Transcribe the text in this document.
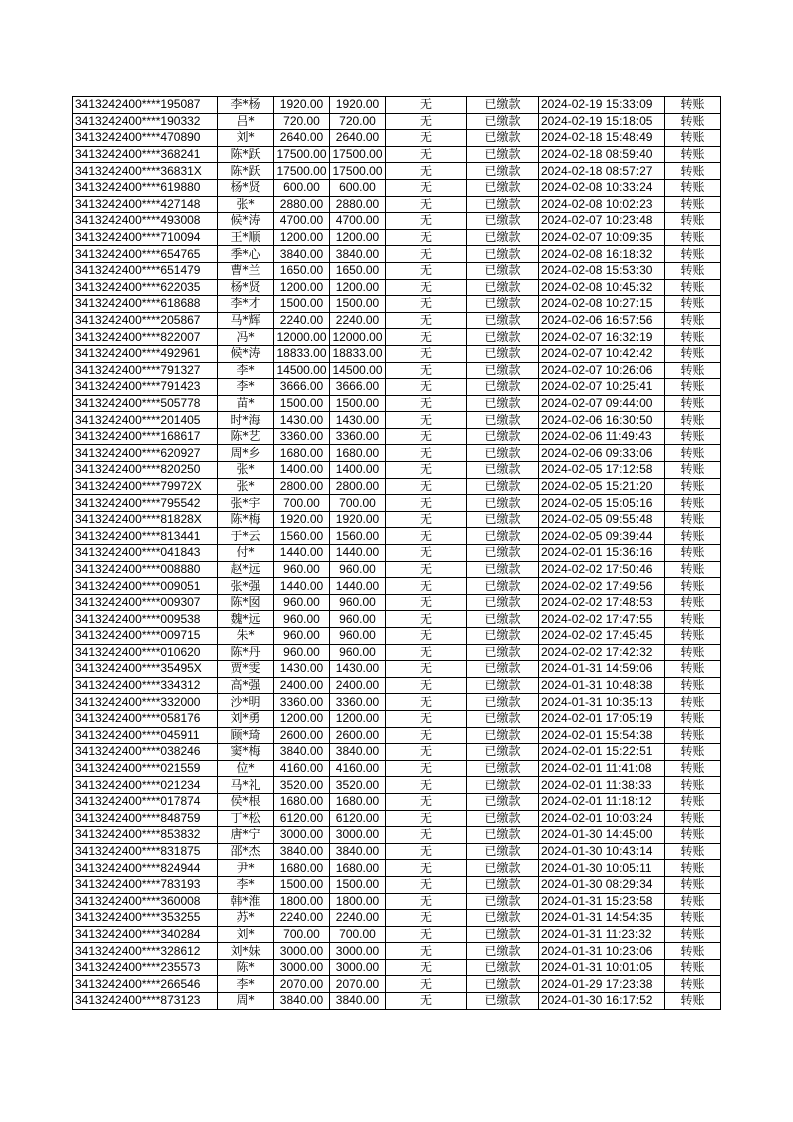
3413242400****195087	李*杨	1920.00	1920.00	无	已缴款	2024-02-19 15:33:09	转账
3413242400****190332	吕*	720.00	720.00	无	已缴款	2024-02-19 15:18:05	转账
3413242400****470890	刘*	2640.00	2640.00	无	已缴款	2024-02-18 15:48:49	转账
3413242400****368241	陈*跃	17500.00	17500.00	无	已缴款	2024-02-18 08:59:40	转账
3413242400****36831X	陈*跃	17500.00	17500.00	无	已缴款	2024-02-18 08:57:27	转账
3413242400****619880	杨*贤	600.00	600.00	无	已缴款	2024-02-08 10:33:24	转账
3413242400****427148	张*	2880.00	2880.00	无	已缴款	2024-02-08 10:02:23	转账
3413242400****493008	候*涛	4700.00	4700.00	无	已缴款	2024-02-07 10:23:48	转账
3413242400****710094	王*顺	1200.00	1200.00	无	已缴款	2024-02-07 10:09:35	转账
3413242400****654765	季*心	3840.00	3840.00	无	已缴款	2024-02-08 16:18:32	转账
3413242400****651479	曹*兰	1650.00	1650.00	无	已缴款	2024-02-08 15:53:30	转账
3413242400****622035	杨*贤	1200.00	1200.00	无	已缴款	2024-02-08 10:45:32	转账
3413242400****618688	李*才	1500.00	1500.00	无	已缴款	2024-02-08 10:27:15	转账
3413242400****205867	马*辉	2240.00	2240.00	无	已缴款	2024-02-06 16:57:56	转账
3413242400****822007	冯*	12000.00	12000.00	无	已缴款	2024-02-07 16:32:19	转账
3413242400****492961	候*涛	18833.00	18833.00	无	已缴款	2024-02-07 10:42:42	转账
3413242400****791327	李*	14500.00	14500.00	无	已缴款	2024-02-07 10:26:06	转账
3413242400****791423	李*	3666.00	3666.00	无	已缴款	2024-02-07 10:25:41	转账
3413242400****505778	苗*	1500.00	1500.00	无	已缴款	2024-02-07 09:44:00	转账
3413242400****201405	时*海	1430.00	1430.00	无	已缴款	2024-02-06 16:30:50	转账
3413242400****168617	陈*艺	3360.00	3360.00	无	已缴款	2024-02-06 11:49:43	转账
3413242400****620927	周*乡	1680.00	1680.00	无	已缴款	2024-02-06 09:33:06	转账
3413242400****820250	张*	1400.00	1400.00	无	已缴款	2024-02-05 17:12:58	转账
3413242400****79972X	张*	2800.00	2800.00	无	已缴款	2024-02-05 15:21:20	转账
3413242400****795542	张*宇	700.00	700.00	无	已缴款	2024-02-05 15:05:16	转账
3413242400****81828X	陈*梅	1920.00	1920.00	无	已缴款	2024-02-05 09:55:48	转账
3413242400****813441	于*云	1560.00	1560.00	无	已缴款	2024-02-05 09:39:44	转账
3413242400****041843	付*	1440.00	1440.00	无	已缴款	2024-02-01 15:36:16	转账
3413242400****008880	赵*远	960.00	960.00	无	已缴款	2024-02-02 17:50:46	转账
3413242400****009051	张*强	1440.00	1440.00	无	已缴款	2024-02-02 17:49:56	转账
3413242400****009307	陈*囡	960.00	960.00	无	已缴款	2024-02-02 17:48:53	转账
3413242400****009538	魏*远	960.00	960.00	无	已缴款	2024-02-02 17:47:55	转账
3413242400****009715	朱*	960.00	960.00	无	已缴款	2024-02-02 17:45:45	转账
3413242400****010620	陈*丹	960.00	960.00	无	已缴款	2024-02-02 17:42:32	转账
3413242400****35495X	贾*雯	1430.00	1430.00	无	已缴款	2024-01-31 14:59:06	转账
3413242400****334312	高*强	2400.00	2400.00	无	已缴款	2024-01-31 10:48:38	转账
3413242400****332000	沙*明	3360.00	3360.00	无	已缴款	2024-01-31 10:35:13	转账
3413242400****058176	刘*勇	1200.00	1200.00	无	已缴款	2024-02-01 17:05:19	转账
3413242400****045911	顾*琦	2600.00	2600.00	无	已缴款	2024-02-01 15:54:38	转账
3413242400****038246	窦*梅	3840.00	3840.00	无	已缴款	2024-02-01 15:22:51	转账
3413242400****021559	位*	4160.00	4160.00	无	已缴款	2024-02-01 11:41:08	转账
3413242400****021234	马*礼	3520.00	3520.00	无	已缴款	2024-02-01 11:38:33	转账
3413242400****017874	侯*根	1680.00	1680.00	无	已缴款	2024-02-01 11:18:12	转账
3413242400****848759	丁*松	6120.00	6120.00	无	已缴款	2024-02-01 10:03:24	转账
3413242400****853832	唐*宁	3000.00	3000.00	无	已缴款	2024-01-30 14:45:00	转账
3413242400****831875	邵*杰	3840.00	3840.00	无	已缴款	2024-01-30 10:43:14	转账
3413242400****824944	尹*	1680.00	1680.00	无	已缴款	2024-01-30 10:05:11	转账
3413242400****783193	李*	1500.00	1500.00	无	已缴款	2024-01-30 08:29:34	转账
3413242400****360008	韩*淮	1800.00	1800.00	无	已缴款	2024-01-31 15:23:58	转账
3413242400****353255	苏*	2240.00	2240.00	无	已缴款	2024-01-31 14:54:35	转账
3413242400****340284	刘*	700.00	700.00	无	已缴款	2024-01-31 11:23:32	转账
3413242400****328612	刘*妹	3000.00	3000.00	无	已缴款	2024-01-31 10:23:06	转账
3413242400****235573	陈*	3000.00	3000.00	无	已缴款	2024-01-31 10:01:05	转账
3413242400****266546	李*	2070.00	2070.00	无	已缴款	2024-01-29 17:23:38	转账
3413242400****873123	周*	3840.00	3840.00	无	已缴款	2024-01-30 16:17:52	转账
